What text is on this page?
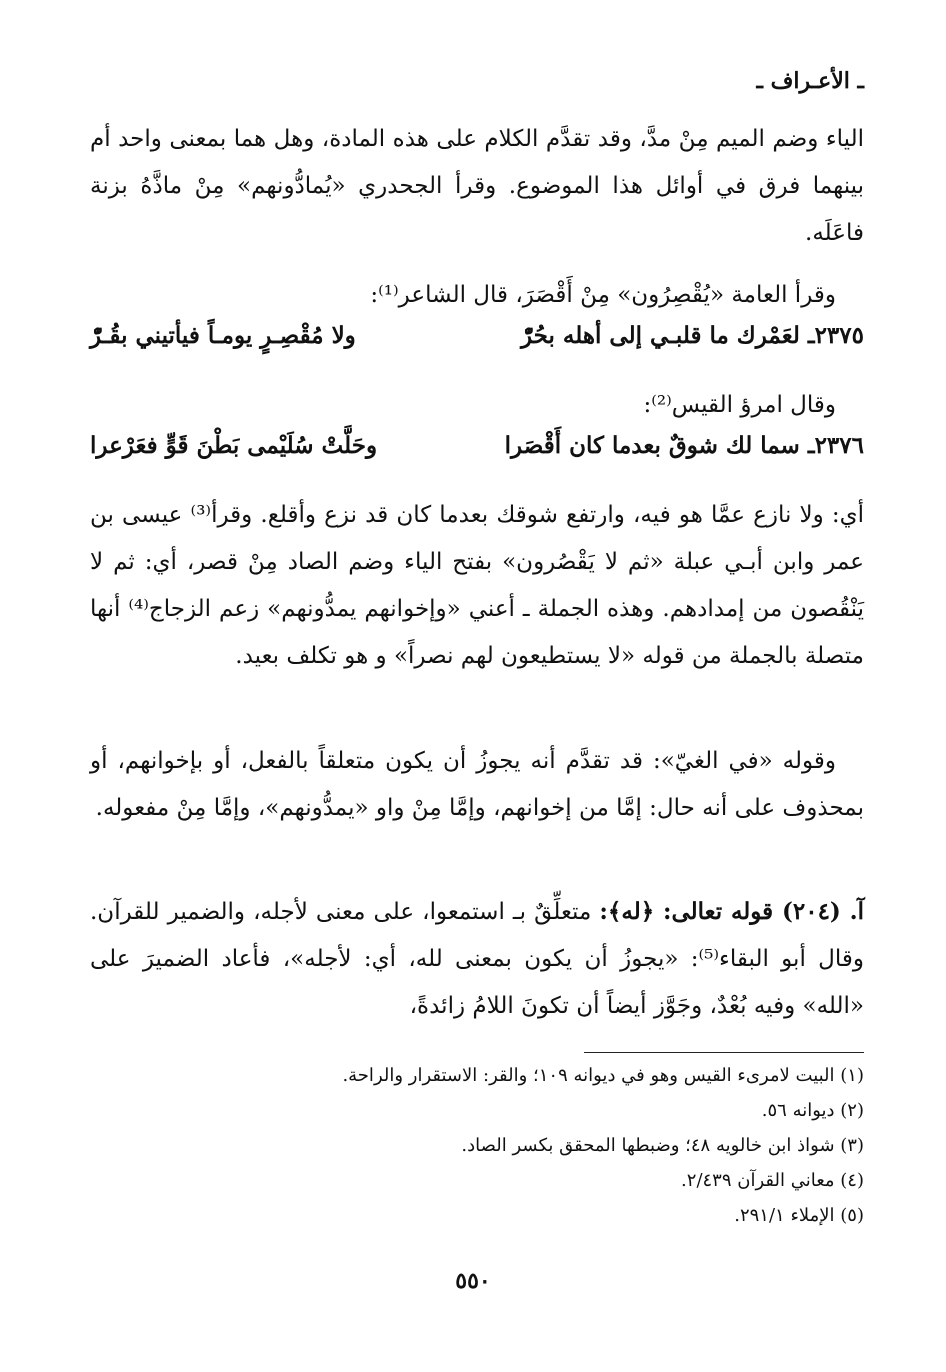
ـ الأعـراف ـ

الياء وضم الميم مِنْ مدَّ، وقد تقدَّم الكلام على هذه المادة، وهل هما بمعنى واحد أم بينهما فرق في أوائل هذا الموضوع. وقرأ الجحدري «يُمادُّونهم» مِنْ ماذَّهُ بزنة فاعَلَه.

وقرأ العامة «يُقْصِرُون» مِنْ أَقْصَرَ، قال الشاعر⁽¹⁾:

٢٣٧٥ـ لعَمْرك ما قلبـي إلى أهله بحُرّْ
ولا مُقْصِـرٍ يومـاً فيأتيني بقُـرّْ

وقال امرؤ القيس⁽²⁾:

٢٣٧٦ـ سما لك شوقٌ بعدما كان أَقْصَرا
وحَلَّتْ سُلَيْمى بَطْنَ قَوٍّ فعَرْعرا

أي: ولا نازع عمَّا هو فيه، وارتفع شوقك بعدما كان قد نزع وأقلع. وقرأ⁽³⁾ عيسى بن عمر وابن أبـي عبلة «ثم لا يَقْصُرون» بفتح الياء وضم الصاد مِنْ قصر، أي: ثم لا يَنْقُصون من إمدادهم. وهذه الجملة ـ أعني «وإخوانهم يمدُّونهم» زعم الزجاج⁽⁴⁾ أنها متصلة بالجملة من قوله «لا يستطيعون لهم نصراً» و هو تكلف بعيد.

وقوله «في الغيّ»: قد تقدَّم أنه يجوزُ أن يكون متعلقاً بالفعل، أو بإخوانهم، أو بمحذوف على أنه حال: إمَّا من إخوانهم، وإمَّا مِنْ واو «يمدُّونهم»، وإمَّا مِنْ مفعوله.

آ. (٢٠٤) قوله تعالى: ﴿له﴾: متعلِّقٌ بـ استمعوا، على معنى لأجله، والضمير للقرآن. وقال أبو البقاء⁽⁵⁾: «يجوزُ أن يكون بمعنى لله، أي: لأجله»، فأعاد الضميرَ على «الله» وفيه بُعْدٌ، وجَوَّز أيضاً أن تكونَ اللامُ زائدةً،

(١) البيت لامرىء القيس وهو في ديوانه ١٠٩؛ والقر: الاستقرار والراحة.
(٢) ديوانه ٥٦.
(٣) شواذ ابن خالويه ٤٨؛ وضبطها المحقق بكسر الصاد.
(٤) معاني القرآن ٢/٤٣٩.
(٥) الإملاء ٢٩١/١.
٥٥٠
